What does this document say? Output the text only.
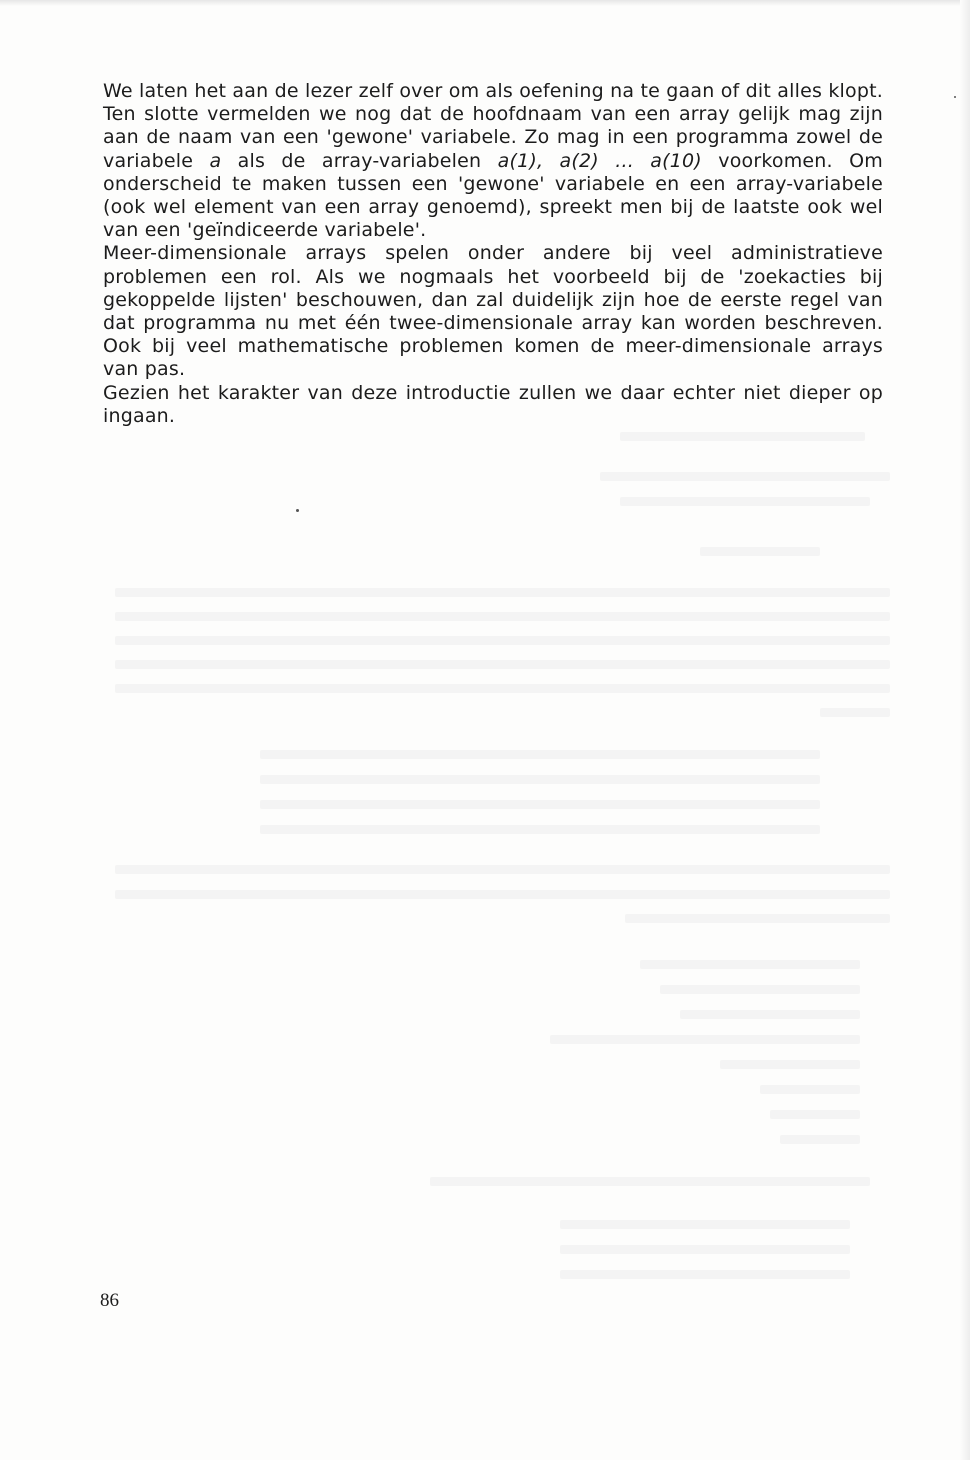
We laten het aan de lezer zelf over om als oefening na te gaan of dit alles klopt. Ten slotte vermelden we nog dat de hoofdnaam van een array gelijk mag zijn aan de naam van een 'gewone' variabele. Zo mag in een programma zowel de variabele a als de array-variabelen a(1), a(2) ... a(10) voorkomen. Om onderscheid te maken tussen een 'gewone' variabele en een array-variabele (ook wel element van een array genoemd), spreekt men bij de laatste ook wel van een 'geïndiceerde variabele'.

Meer-dimensionale arrays spelen onder andere bij veel administratieve problemen een rol. Als we nogmaals het voorbeeld bij de 'zoekacties bij gekoppelde lijsten' beschouwen, dan zal duidelijk zijn hoe de eerste regel van dat programma nu met één twee-dimensionale array kan worden beschreven. Ook bij veel mathematische problemen komen de meer-dimensionale arrays van pas.

Gezien het karakter van deze introductie zullen we daar echter niet dieper op ingaan.

86
